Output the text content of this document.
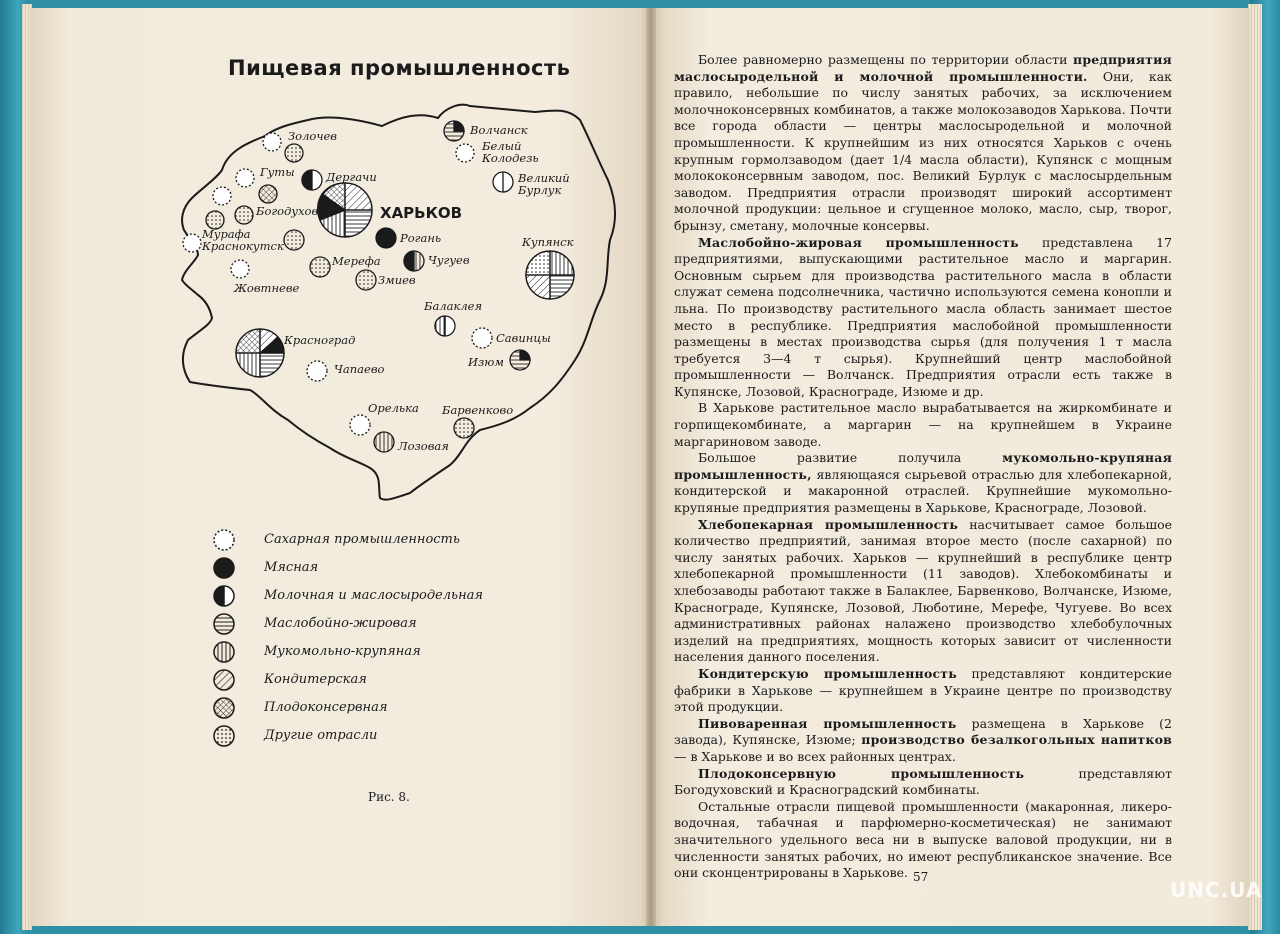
Пищевая промышленность
Золочев
Гуты	Дергачи
Богодухов
Мурафа
Краснокутск
ХАРЬКОВ
Рогань
Мерефа	Чугуев
Змиев
Жовтневе
Волчанск
Белый
Колодезь
Великий
Бурлук
Купянск
Балаклея
Савинцы
Изюм
Красноград
Чапаево
Орелька Барвенково
Лозовая
Сахарная промышленность
Мясная
Молочная и маслосыродельная
Маслобойно-жировая
Мукомольно-крупяная
Кондитерская
Плодоконсервная
Другие отрасли
Рис. 8.

Более равномерно размещены по территории области предприятия маслосыродельной и молочной промышленности. Они, как правило, небольшие по числу занятых рабочих, за исключением молочноконсервных комбинатов, а также молокозаводов Харькова. Почти все города области — центры маслосыродельной и молочной промышленности. К крупнейшим из них относятся Харьков с очень крупным гормолзаводом (дает 1/4 масла области), Купянск с мощным молококонсервным заводом, пос. Великий Бурлук с маслосырдельным заводом. Предприятия отрасли производят широкий ассортимент молочной продукции: цельное и сгущенное молоко, масло, сыр, творог, брынзу, сметану, молочные консервы.

Маслобойно-жировая промышленность представлена 17 предприятиями, выпускающими растительное масло и маргарин. Основным сырьем для производства растительного масла в области служат семена подсолнечника, частично используются семена конопли и льна. По производству растительного масла область занимает шестое место в республике. Предприятия маслобойной промышленности размещены в местах производства сырья (для получения 1 т масла требуется 3—4 т сырья). Крупнейший центр маслобойной промышленности — Волчанск. Предприятия отрасли есть также в Купянске, Лозовой, Краснограде, Изюме и др.

В Харькове растительное масло вырабатывается на жиркомбинате и горпищекомбинате, а маргарин — на крупнейшем в Украине маргариновом заводе.

Большое развитие получила мукомольно-крупяная промышленность, являющаяся сырьевой отраслью для хлебопекарной, кондитерской и макаронной отраслей. Крупнейшие мукомольно-крупяные предприятия размещены в Харькове, Краснограде, Лозовой.

Хлебопекарная промышленность насчитывает самое большое количество предприятий, занимая второе место (после сахарной) по числу занятых рабочих. Харьков — крупнейший в республике центр хлебопекарной промышленности (11 заводов). Хлебокомбинаты и хлебозаводы работают также в Балаклее, Барвенково, Волчанске, Изюме, Краснограде, Купянске, Лозовой, Люботине, Мерефе, Чугуеве. Во всех административных районах налажено производство хлебобулочных изделий на предприятиях, мощность которых зависит от численности населения данного поселения.

Кондитерскую промышленность представляют кондитерские фабрики в Харькове — крупнейшем в Украине центре по производству этой продукции.

Пивоваренная промышленность размещена в Харькове (2 завода), Купянске, Изюме; производство безалкогольных напитков — в Харькове и во всех районных центрах.

Плодоконсервную промышленность представляют Богодуховский и Красноградский комбинаты.

Остальные отрасли пищевой промышленности (макаронная, ликеро-водочная, табачная и парфюмерно-косметическая) не занимают значительного удельного веса ни в выпуске валовой продукции, ни в численности занятых рабочих, но имеют республиканское значение. Все они сконцентрированы в Харькове. 57
UNC.UA
